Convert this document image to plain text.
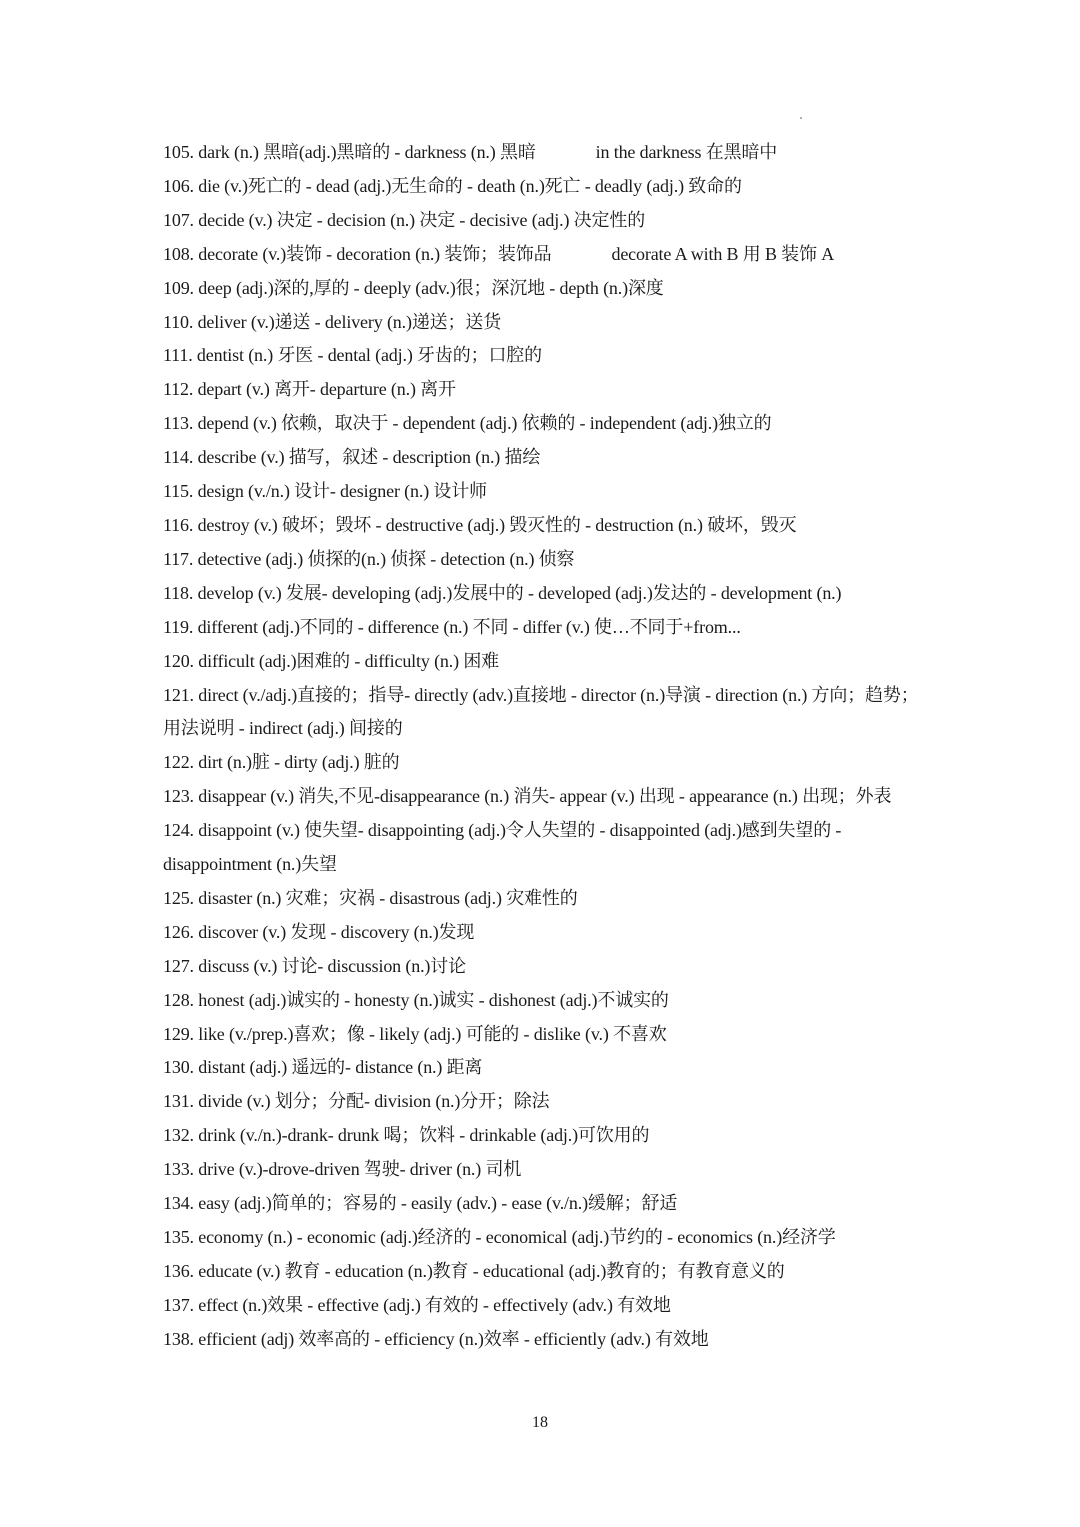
105. dark (n.) 黑暗(adj.)黑暗的 - darkness (n.) 黑暗	in the darkness 在黑暗中
106. die (v.)死亡的 - dead (adj.)无生命的 - death (n.)死亡 - deadly (adj.) 致命的
107. decide (v.) 决定 - decision (n.) 决定 - decisive (adj.) 决定性的
108. decorate (v.)装饰 - decoration (n.) 装饰；装饰品	decorate A with B 用 B 装饰 A
109. deep (adj.)深的,厚的 - deeply (adv.)很；深沉地 - depth (n.)深度
110. deliver (v.)递送 - delivery (n.)递送；送货
111. dentist (n.) 牙医 - dental (adj.) 牙齿的；口腔的
112. depart (v.) 离开- departure (n.) 离开
113. depend (v.) 依赖，取决于 - dependent (adj.) 依赖的 - independent (adj.)独立的
114. describe (v.) 描写，叙述 - description (n.) 描绘
115. design (v./n.) 设计- designer (n.) 设计师
116. destroy (v.) 破坏；毁坏 - destructive (adj.) 毁灭性的 - destruction (n.) 破坏，毁灭
117. detective (adj.) 侦探的(n.) 侦探 - detection (n.) 侦察
118. develop (v.) 发展- developing (adj.)发展中的 - developed (adj.)发达的 - development (n.)
119. different (adj.)不同的 - difference (n.) 不同 - differ (v.) 使…不同于+from...
120. difficult (adj.)困难的 - difficulty (n.) 困难
121. direct (v./adj.)直接的；指导- directly (adv.)直接地 - director (n.)导演 - direction (n.) 方向；趋势；用法说明 - indirect (adj.) 间接的
122. dirt (n.)脏 - dirty (adj.) 脏的
123. disappear (v.) 消失,不见-disappearance (n.) 消失- appear (v.) 出现 - appearance (n.) 出现；外表
124. disappoint (v.) 使失望- disappointing (adj.)令人失望的 - disappointed (adj.)感到失望的 - disappointment (n.)失望
125. disaster (n.) 灾难；灾祸 - disastrous (adj.) 灾难性的
126. discover (v.) 发现 - discovery (n.)发现
127. discuss (v.) 讨论- discussion (n.)讨论
128. honest (adj.)诚实的 - honesty (n.)诚实 - dishonest (adj.)不诚实的
129. like (v./prep.)喜欢；像 - likely (adj.) 可能的 - dislike (v.) 不喜欢
130. distant (adj.) 遥远的- distance (n.) 距离
131. divide (v.) 划分；分配- division (n.)分开；除法
132. drink (v./n.)-drank- drunk 喝；饮料 - drinkable (adj.)可饮用的
133. drive (v.)-drove-driven 驾驶- driver (n.) 司机
134. easy (adj.)简单的；容易的 - easily (adv.) - ease (v./n.)缓解；舒适
135. economy (n.) - economic (adj.)经济的 - economical (adj.)节约的 - economics (n.)经济学
136. educate (v.) 教育 - education (n.)教育 - educational (adj.)教育的；有教育意义的
137. effect (n.)效果 - effective (adj.) 有效的 - effectively (adv.) 有效地
138. efficient (adj) 效率高的 - efficiency (n.)效率 - efficiently (adv.) 有效地
18
